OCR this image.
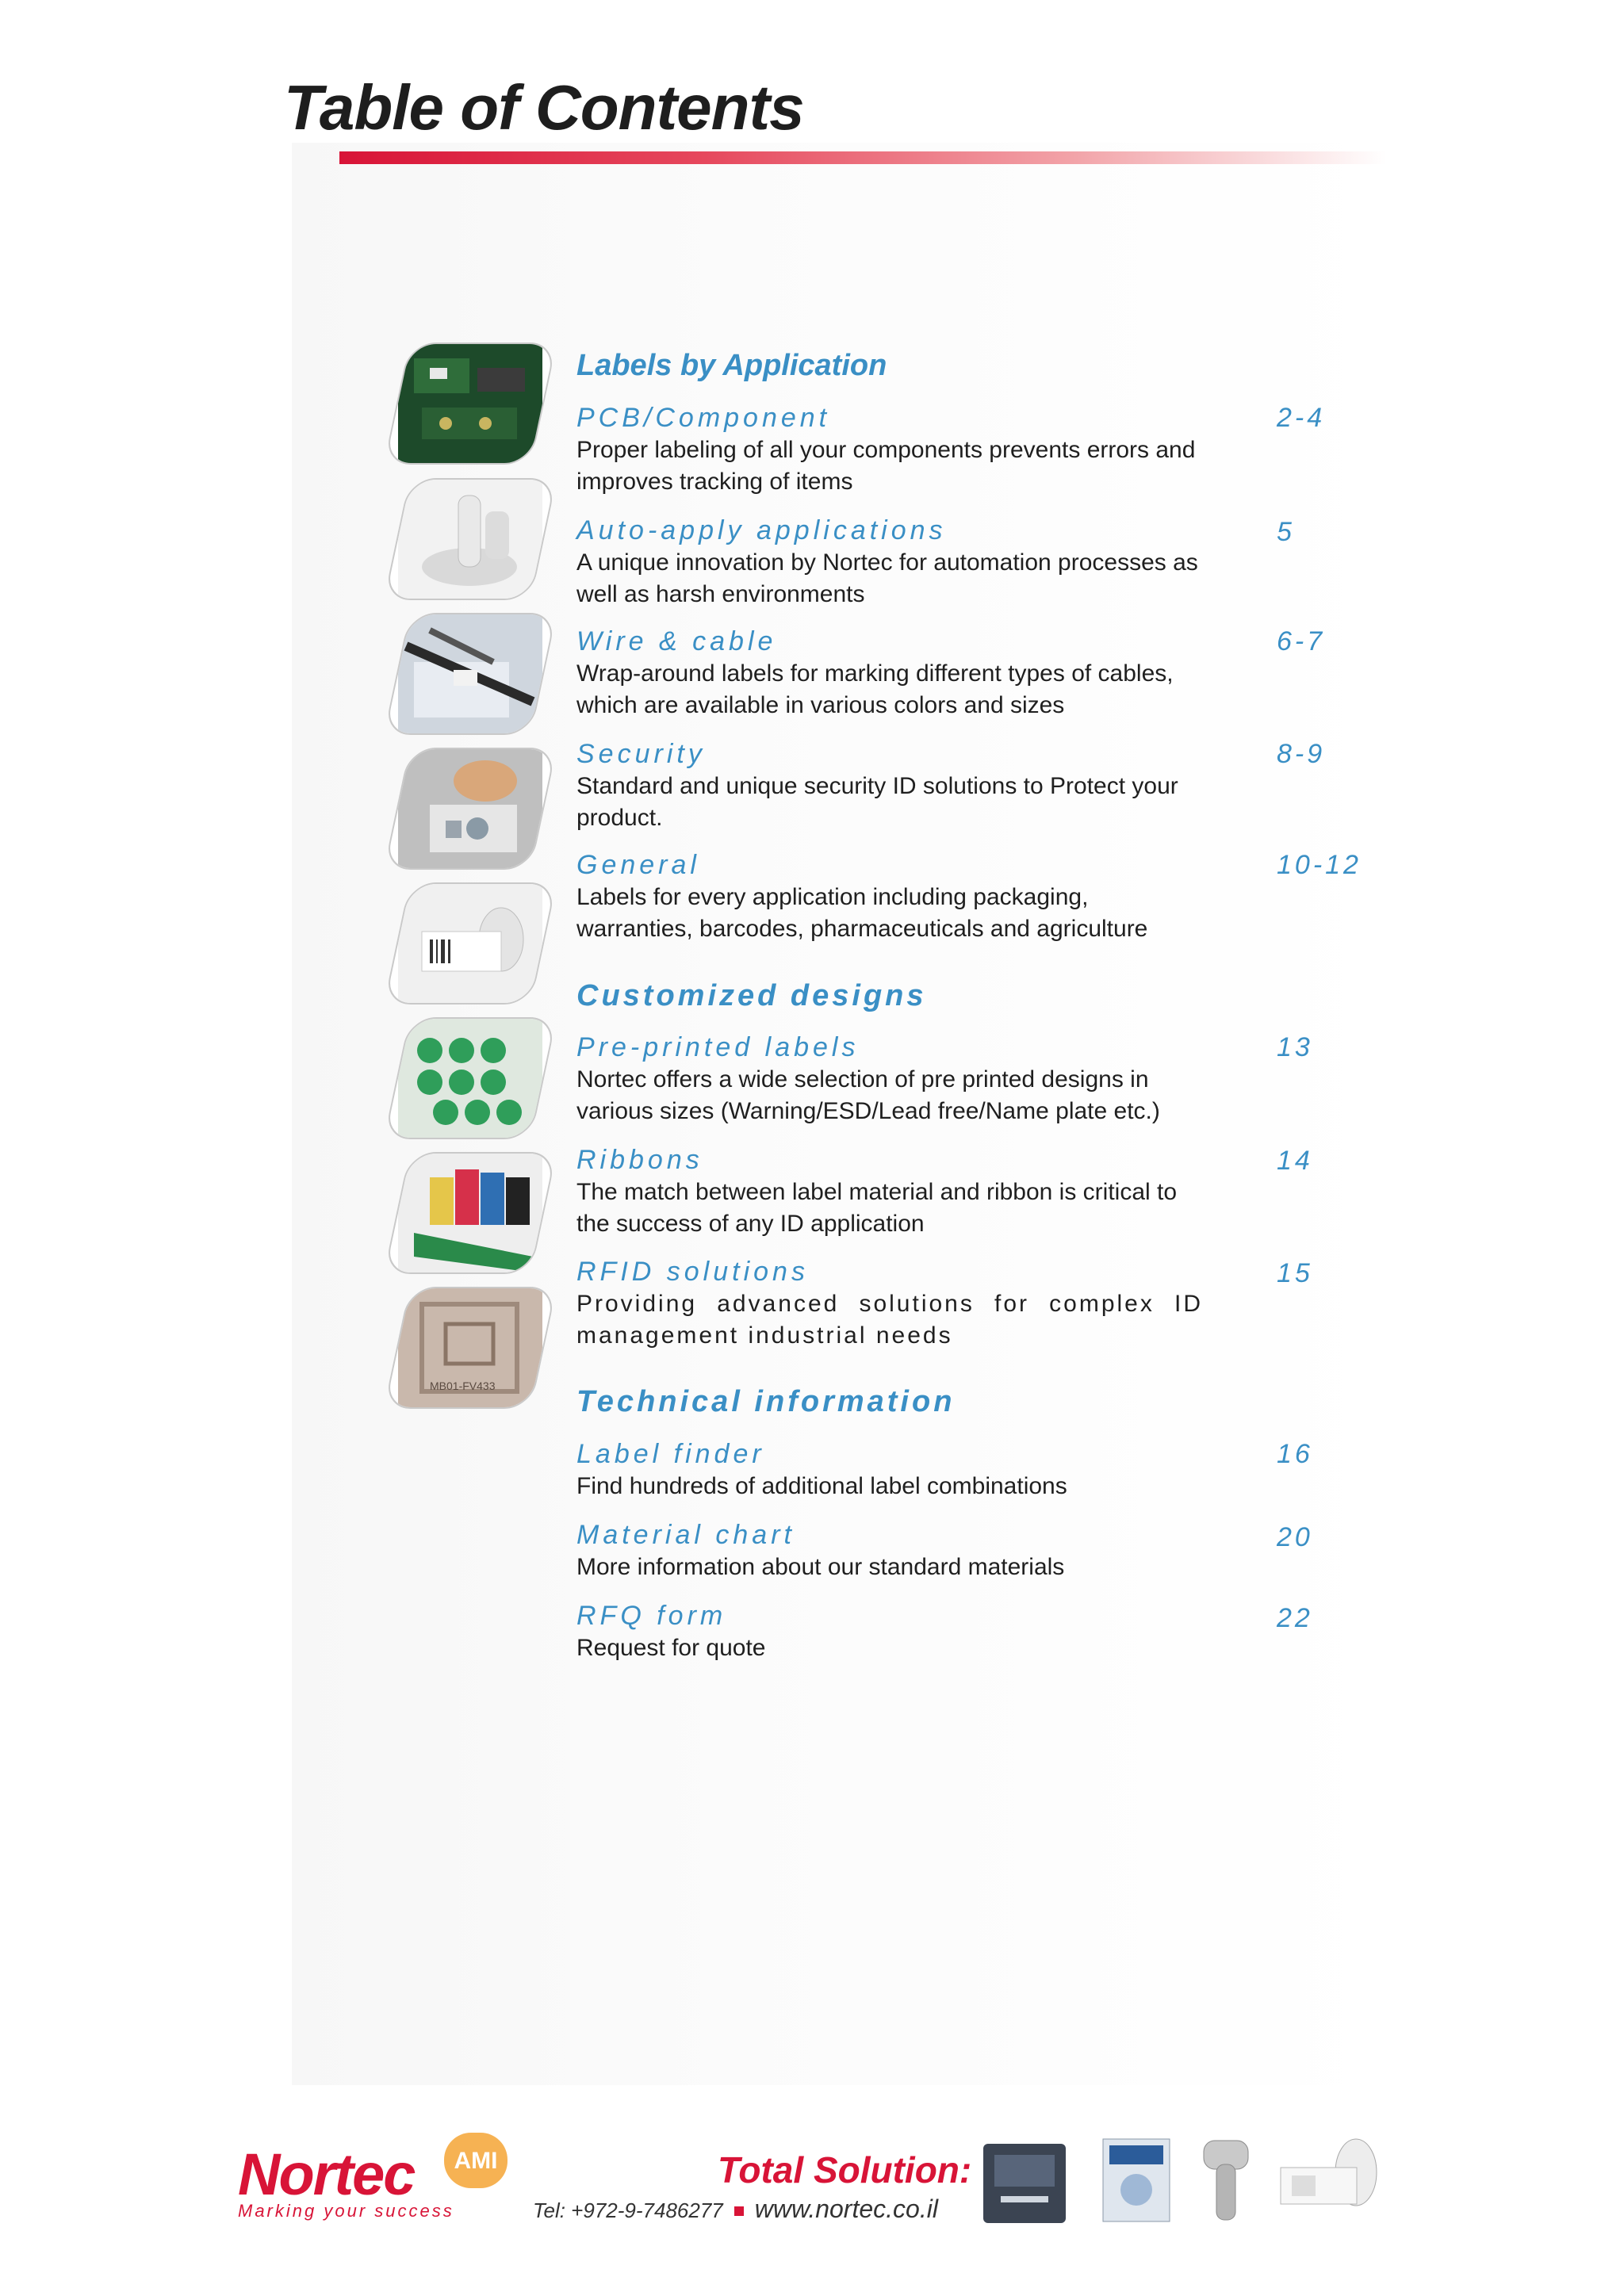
Table of Contents
MB01-FV433
Labels by Application
PCB/Component	2-4
Proper labeling of all your components prevents errors and improves tracking of items
Auto-apply applications	5
A unique innovation by Nortec for automation processes as well as harsh environments
Wire & cable	6-7
Wrap-around labels for marking different types of cables, which are available in various colors and sizes
Security	8-9
Standard and unique security ID solutions to Protect your product.
General	10-12
Labels for every application including packaging, warranties, barcodes, pharmaceuticals and agriculture
Customized designs
Pre-printed labels	13
Nortec offers a wide selection of pre printed designs in various sizes (Warning/ESD/Lead free/Name plate etc.)
Ribbons	14
The match between label material and ribbon is critical to the success of any ID application
RFID solutions	15
Providing advanced solutions for complex ID management industrial needs
Technical information
Label finder	16
Find hundreds of additional label combinations
Material chart	20
More information about our standard materials
RFQ form	22
Request for quote
Nortec	AMI
Marking your success
Total Solution:
Tel: +972-9-7486277 www.nortec.co.il
